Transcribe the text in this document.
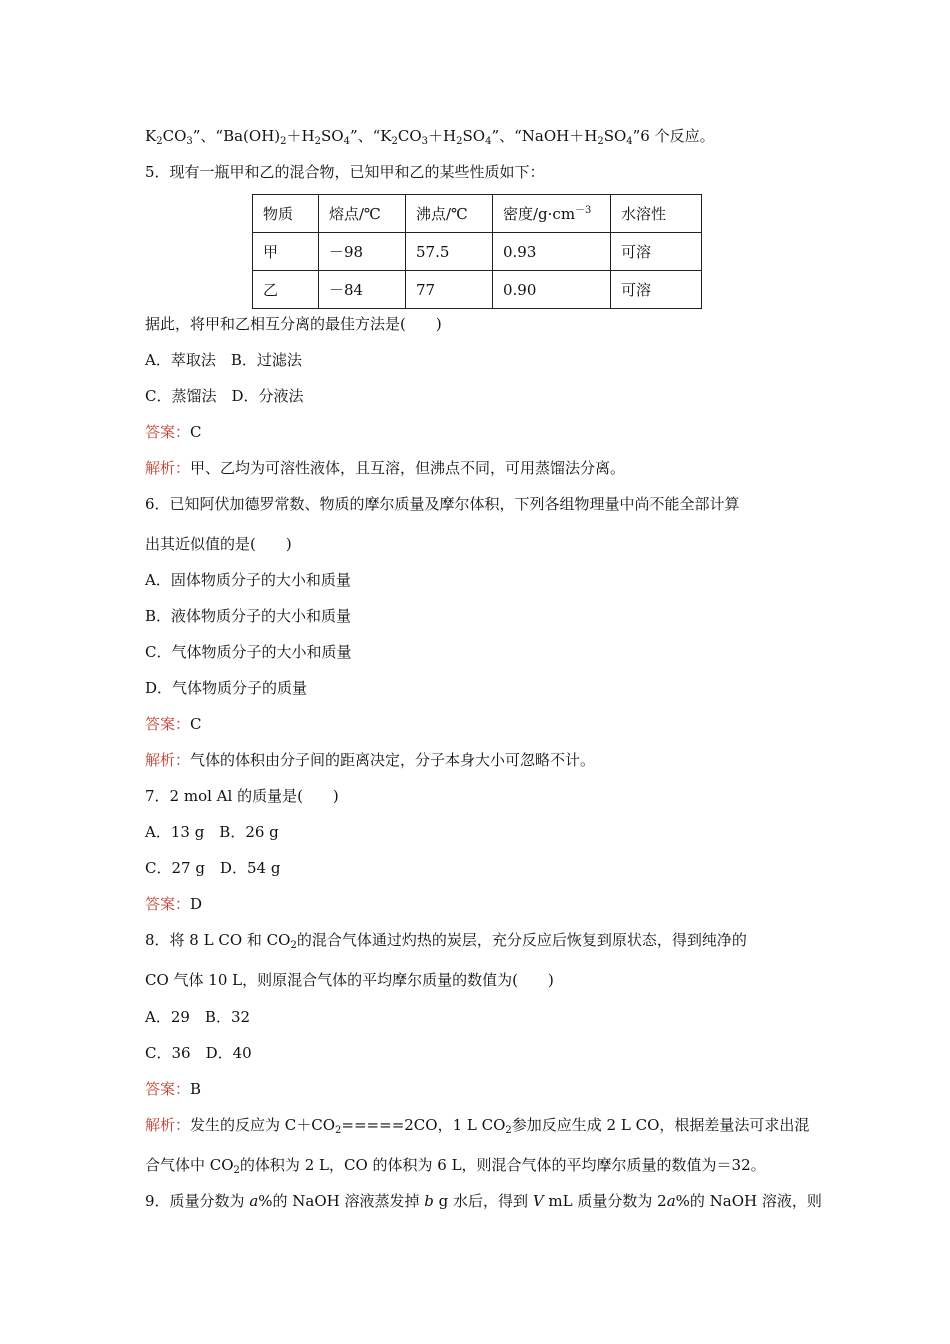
$K_2CO_3$”、“$Ba(OH)_2+H_2SO_4$”、“$K_2CO_3+H_2SO_4$”、“$NaOH+H_2SO_4”6$ 个反应。
5．现有一瓶甲和乙的混合物，已知甲和乙的某些性质如下：
物质	熔点/℃	沸点/℃	密度$/g\cdot cm^{-3}$	水溶性
甲	－98	57.5	0.93	可溶
乙	－84	77	0.90	可溶
据此，将甲和乙相互分离的最佳方法是(　　)
A．萃取法　B．过滤法
C．蒸馏法　D．分液法
答案：C
解析：甲、乙均为可溶性液体，且互溶，但沸点不同，可用蒸馏法分离。
6．已知阿伏加德罗常数、物质的摩尔质量及摩尔体积，下列各组物理量中尚不能全部计算
出其近似值的是(　　)
A．固体物质分子的大小和质量
B．液体物质分子的大小和质量
C．气体物质分子的大小和质量
D．气体物质分子的质量
答案：C
解析：气体的体积由分子间的距离决定，分子本身大小可忽略不计。
7．2 mol Al 的质量是(　　)
A．13 g　B．26 g
C．27 g　D．54 g
答案：D
8．将 8 L CO 和 $CO_2$的混合气体通过灼热的炭层，充分反应后恢复到原状态，得到纯净的
CO 气体 10 L，则原混合气体的平均摩尔质量的数值为(　　)
A．29　B．32
C．36　D．40
答案：B
解析：发生的反应为 $C+CO_2=====2CO$，1 L $CO_2$参加反应生成 2 L CO，根据差量法可求出混
合气体中 $CO_2$的体积为 2 L，CO 的体积为 6 L，则混合气体的平均摩尔质量的数值为＝32。
9．质量分数为 a%的 NaOH 溶液蒸发掉 b g 水后，得到 V mL 质量分数为 2a%的 NaOH 溶液，则
